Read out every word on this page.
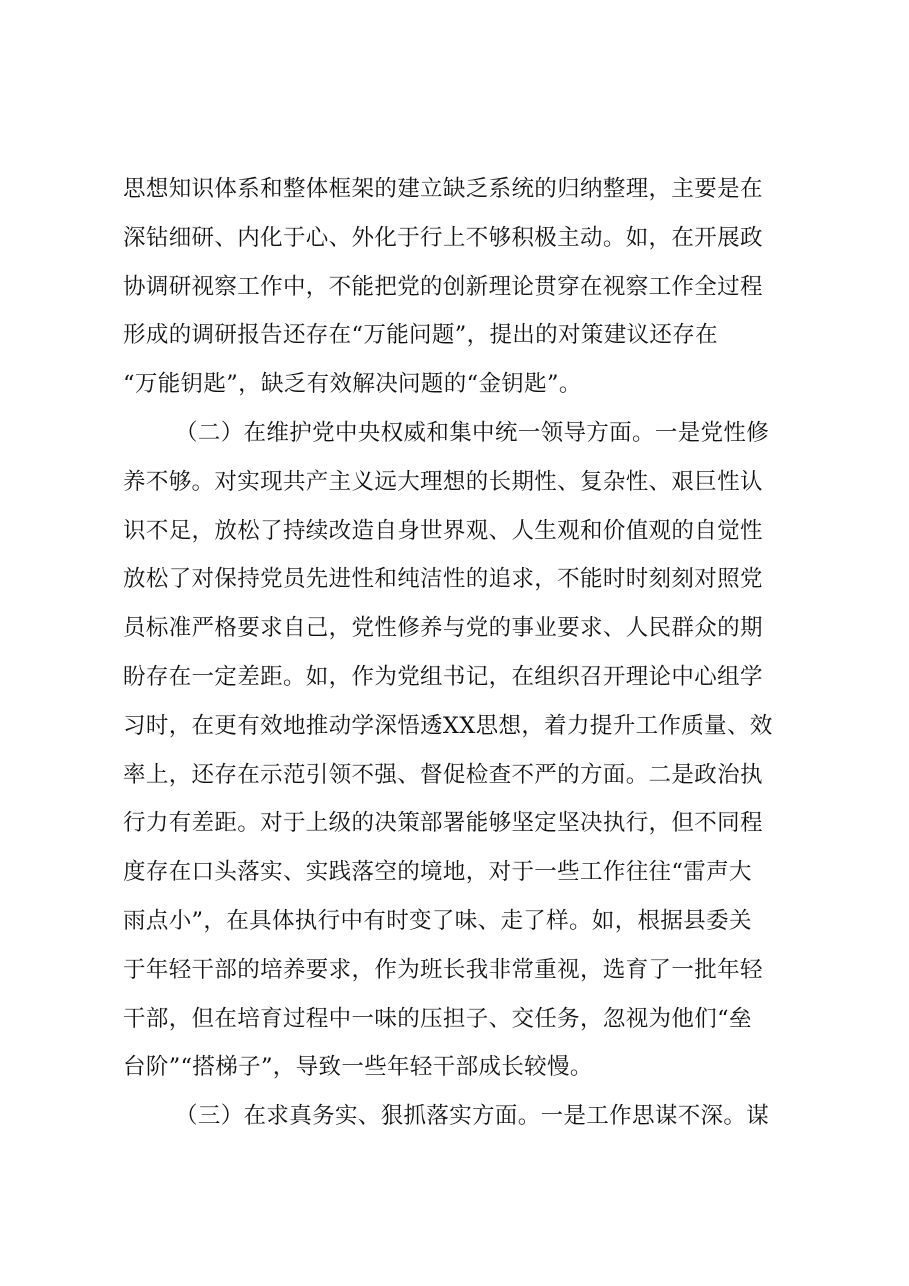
思想知识体系和整体框架的建立缺乏系统的归纳整理，主要是在
深钻细研、内化于心、外化于行上不够积极主动。如，在开展政
协调研视察工作中，不能把党的创新理论贯穿在视察工作全过程
形成的调研报告还存在“万能问题”，提出的对策建议还存在
“万能钥匙”，缺乏有效解决问题的“金钥匙”。
（二）在维护党中央权威和集中统一领导方面。一是党性修
养不够。对实现共产主义远大理想的长期性、复杂性、艰巨性认
识不足，放松了持续改造自身世界观、人生观和价值观的自觉性
放松了对保持党员先进性和纯洁性的追求，不能时时刻刻对照党
员标准严格要求自己，党性修养与党的事业要求、人民群众的期
盼存在一定差距。如，作为党组书记，在组织召开理论中心组学
习时，在更有效地推动学深悟透XX思想，着力提升工作质量、效
率上，还存在示范引领不强、督促检查不严的方面。二是政治执
行力有差距。对于上级的决策部署能够坚定坚决执行，但不同程
度存在口头落实、实践落空的境地，对于一些工作往往“雷声大
雨点小”，在具体执行中有时变了味、走了样。如，根据县委关
于年轻干部的培养要求，作为班长我非常重视，选育了一批年轻
干部，但在培育过程中一味的压担子、交任务，忽视为他们“垒
台阶”“搭梯子”，导致一些年轻干部成长较慢。
（三）在求真务实、狠抓落实方面。一是工作思谋不深。谋
